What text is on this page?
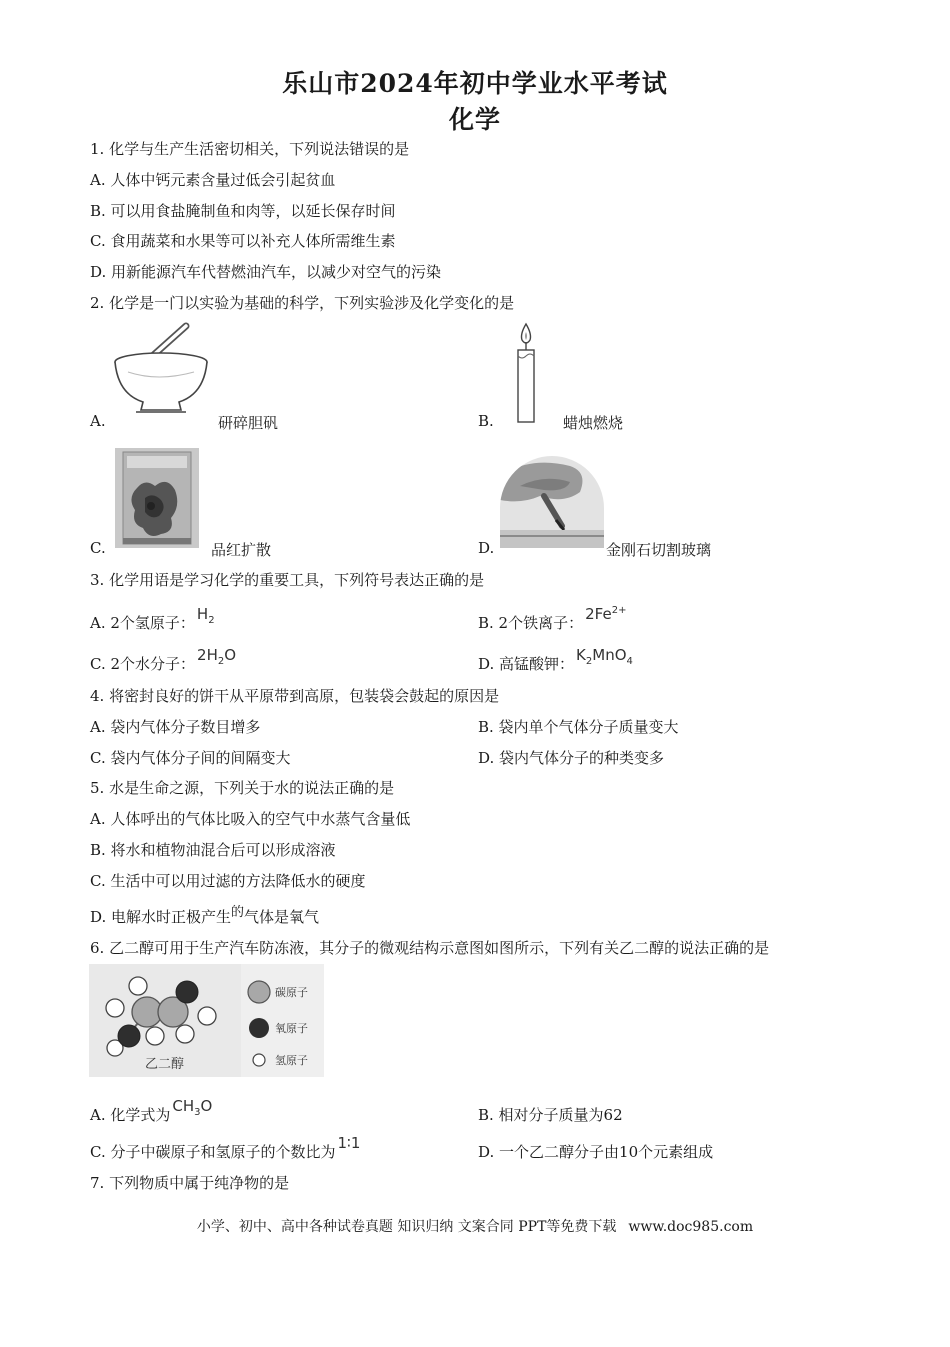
乐山市2024年初中学业水平考试
化学
1. 化学与生产生活密切相关，下列说法错误的是
A. 人体中钙元素含量过低会引起贫血
B. 可以用食盐腌制鱼和肉等，以延长保存时间
C. 食用蔬菜和水果等可以补充人体所需维生素
D. 用新能源汽车代替燃油汽车，以减少对空气的污染
2. 化学是一门以实验为基础的科学，下列实验涉及化学变化的是
A.	研碎胆矾	B.	蜡烛燃烧
C.	品红扩散	D.	金刚石切割玻璃
3. 化学用语是学习化学的重要工具，下列符号表达正确的是
A. 2个氢原子： $H_2$	B. 2个铁离子： $2Fe^{2+}$
C. 2个水分子： $2H_2O$	D. 高锰酸钾： $K_2MnO_4$
4. 将密封良好的饼干从平原带到高原，包装袋会鼓起的原因是
A. 袋内气体分子数目增多	B. 袋内单个气体分子质量变大
C. 袋内气体分子间的间隔变大	D. 袋内气体分子的种类变多
5. 水是生命之源，下列关于水的说法正确的是
A. 人体呼出的气体比吸入的空气中水蒸气含量低
B. 将水和植物油混合后可以形成溶液
C. 生活中可以用过滤的方法降低水的硬度
D. 电解水时正极产生的气体是氧气
6. 乙二醇可用于生产汽车防冻液，其分子的微观结构示意图如图所示，下列有关乙二醇的说法正确的是
乙二醇
碳原子
氧原子
氢原子
A. 化学式为 $CH_3O$	B. 相对分子质量为62
C. 分子中碳原子和氢原子的个数比为 1∶1	D. 一个乙二醇分子由10个元素组成
7. 下列物质中属于纯净物的是
小学、初中、高中各种试卷真题 知识归纳 文案合同 PPT等免费下载 www.doc985.com
